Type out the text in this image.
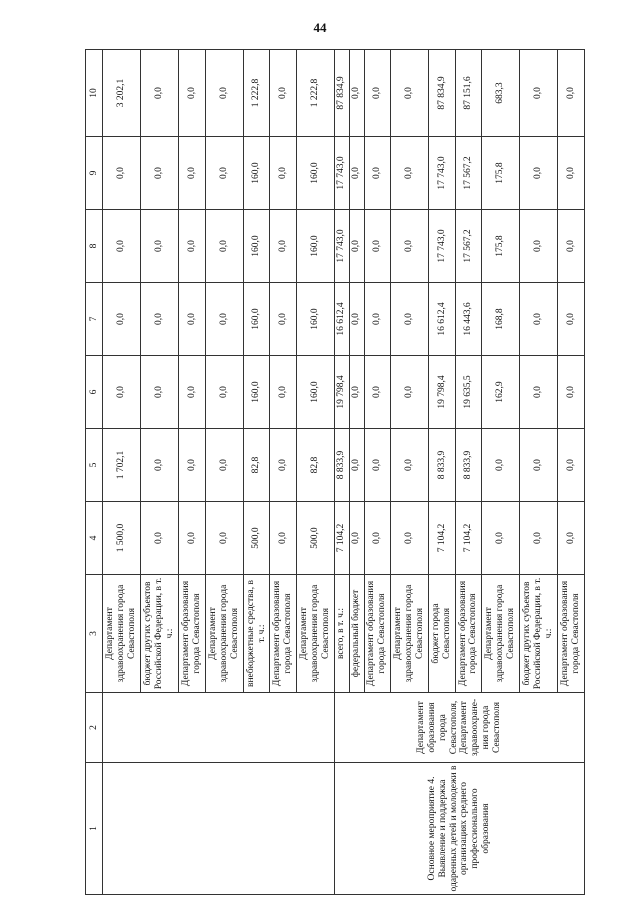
44
1	2	3	4	5	6	7	8	9	10
		Департамент здравоохранения города Севастополя	1 500,0	1 702,1	0,0	0,0	0,0	0,0	3 202,1
		бюджет других субъектов Российской Федерации, в т. ч.:	0,0	0,0	0,0	0,0	0,0	0,0	0,0
		Департамент образования города Севастополя	0,0	0,0	0,0	0,0	0,0	0,0	0,0
		Департамент здравоохранения города Севастополя	0,0	0,0	0,0	0,0	0,0	0,0	0,0
		внебюджетные средства, в т. ч.:	500,0	82,8	160,0	160,0	160,0	160,0	1 222,8
		Департамент образования города Севастополя	0,0	0,0	0,0	0,0	0,0	0,0	0,0
		Департамент здравоохранения города Севастополя	500,0	82,8	160,0	160,0	160,0	160,0	1 222,8
Основное мероприятие 4. Выявление и поддержка одаренных детей и молодежи в организациях среднего профессионального образования	Департамент образования города Севастополя, Департамент здравоохране-ния города Севастополя	всего, в т. ч.:	7 104,2	8 833,9	19 798,4	16 612,4	17 743,0	17 743,0	87 834,9
		федеральный бюджет	0,0	0,0	0,0	0,0	0,0	0,0	0,0
		Департамент образования города Севастополя	0,0	0,0	0,0	0,0	0,0	0,0	0,0
		Департамент здравоохранения города Севастополя	0,0	0,0	0,0	0,0	0,0	0,0	0,0
		бюджет города Севастополя	7 104,2	8 833,9	19 798,4	16 612,4	17 743,0	17 743,0	87 834,9
		Департамент образования города Севастополя	7 104,2	8 833,9	19 635,5	16 443,6	17 567,2	17 567,2	87 151,6
		Департамент здравоохранения города Севастополя	0,0	0,0	162,9	168,8	175,8	175,8	683,3
		бюджет других субъектов Российской Федерации, в т. ч.:	0,0	0,0	0,0	0,0	0,0	0,0	0,0
		Департамент образования города Севастополя	0,0	0,0	0,0	0,0	0,0	0,0	0,0
